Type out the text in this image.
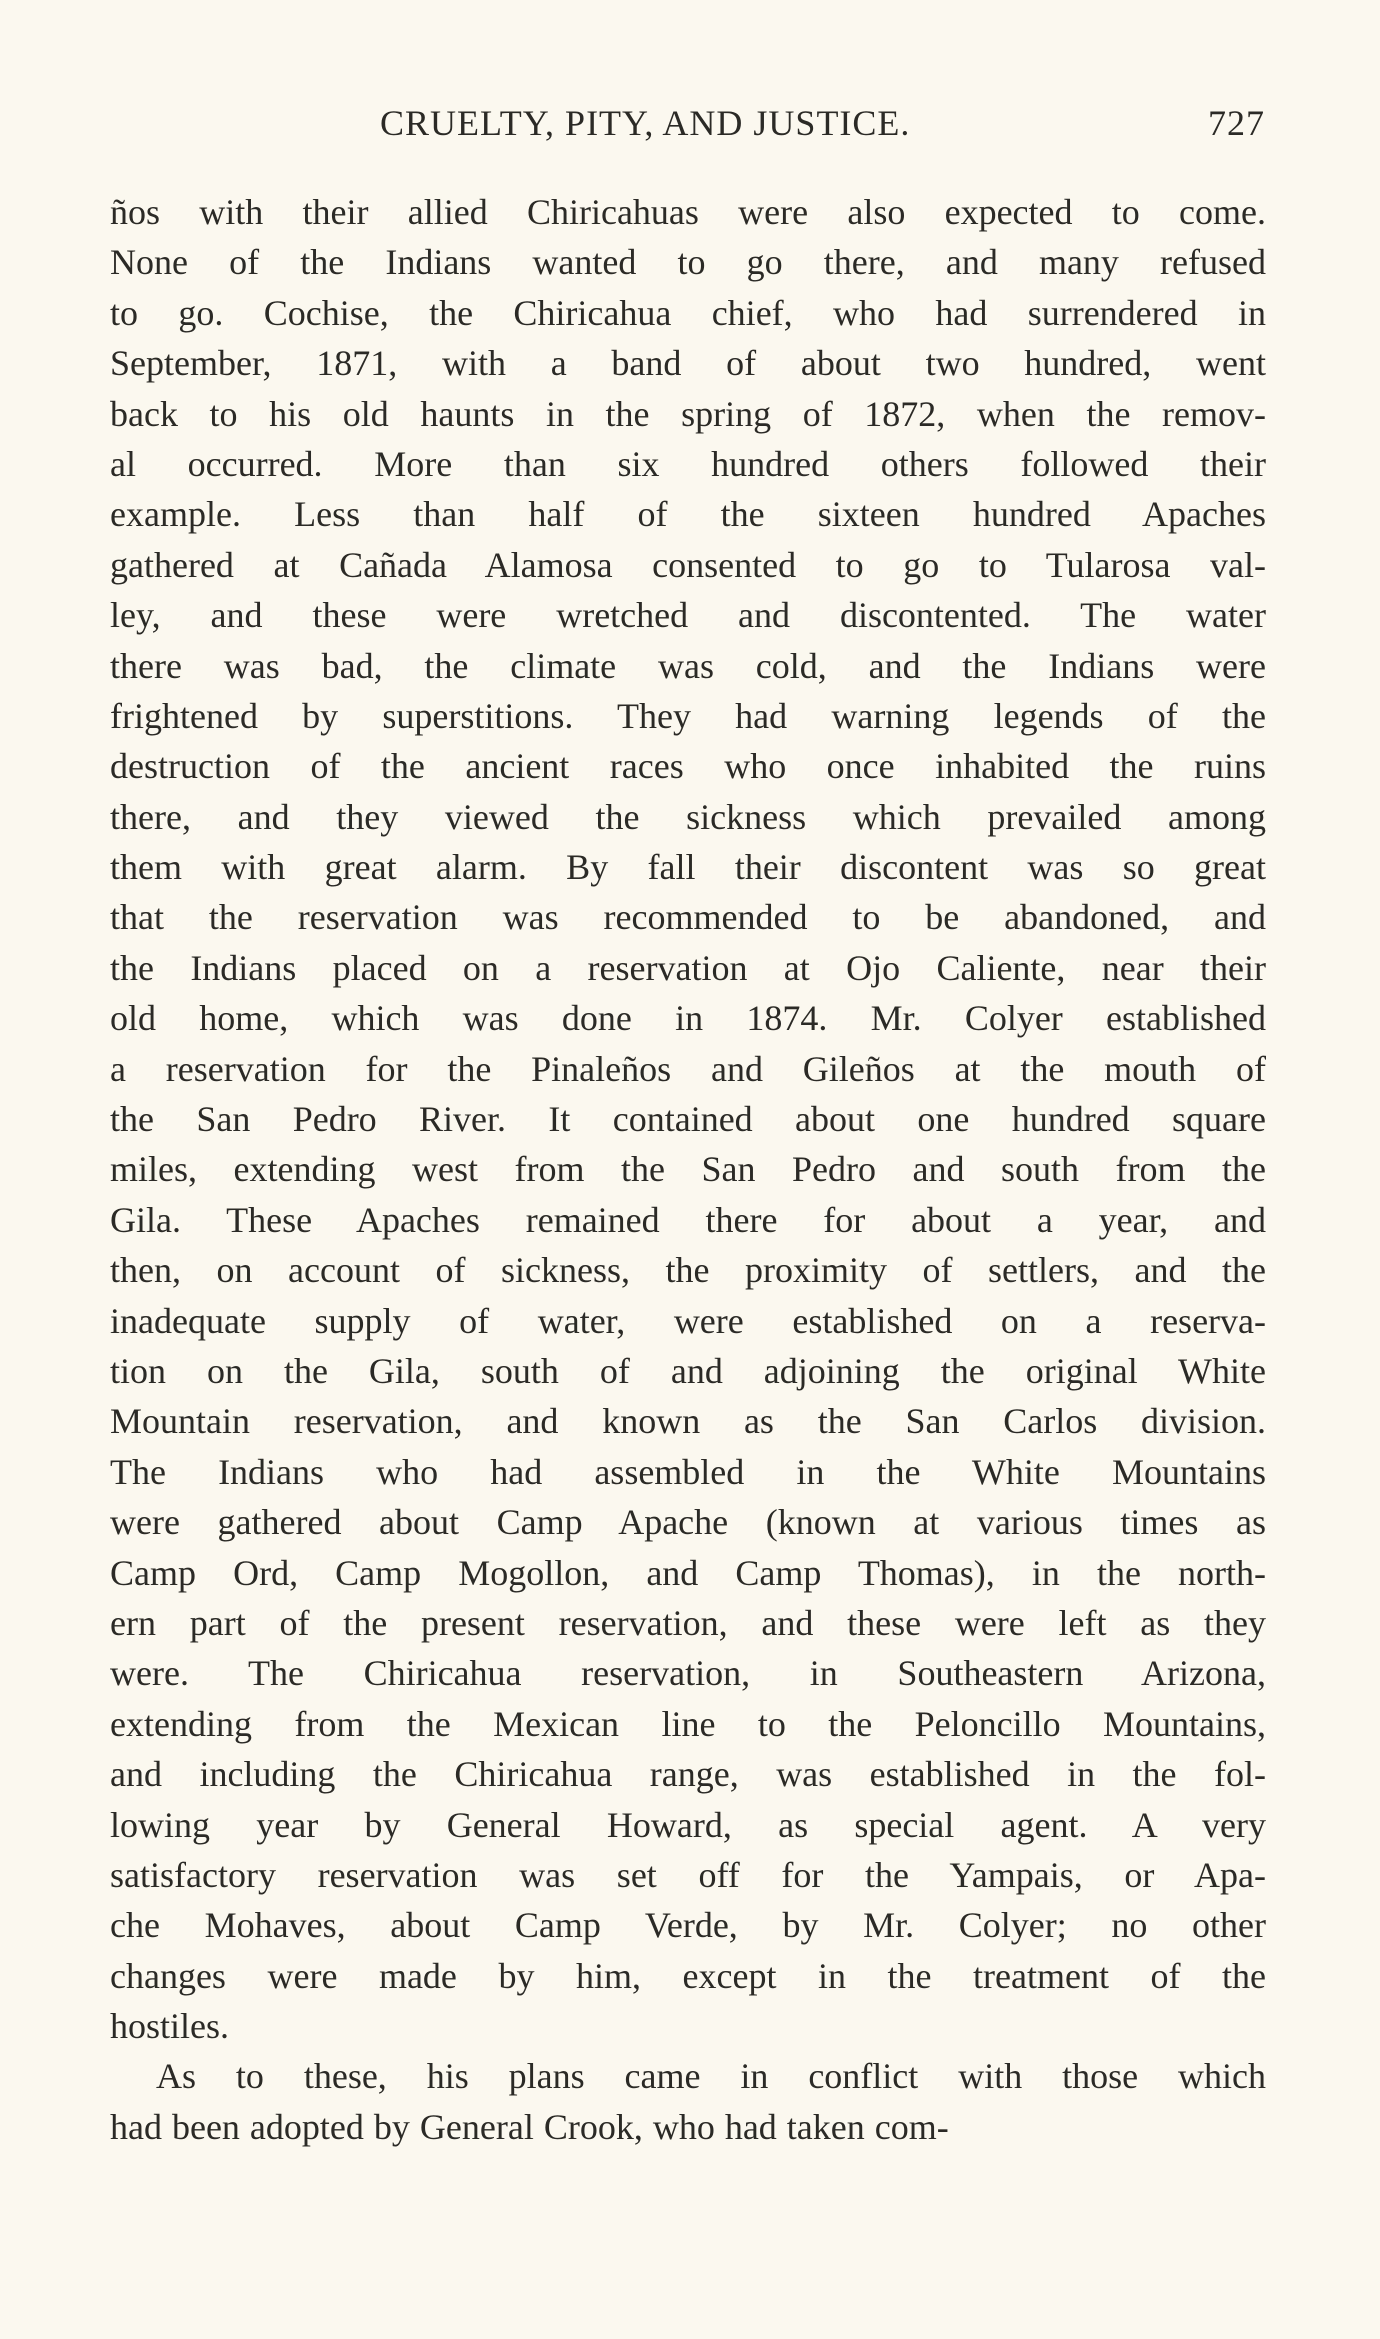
CRUELTY, PITY, AND JUSTICE.	727
ños with their allied Chiricahuas were also expected to come.
None of the Indians wanted to go there, and many refused
to go. Cochise, the Chiricahua chief, who had surrendered in
September, 1871, with a band of about two hundred, went
back to his old haunts in the spring of 1872, when the remov-
al occurred. More than six hundred others followed their
example. Less than half of the sixteen hundred Apaches
gathered at Cañada Alamosa consented to go to Tularosa val-
ley, and these were wretched and discontented. The water
there was bad, the climate was cold, and the Indians were
frightened by superstitions. They had warning legends of the
destruction of the ancient races who once inhabited the ruins
there, and they viewed the sickness which prevailed among
them with great alarm. By fall their discontent was so great
that the reservation was recommended to be abandoned, and
the Indians placed on a reservation at Ojo Caliente, near their
old home, which was done in 1874. Mr. Colyer established
a reservation for the Pinaleños and Gileños at the mouth of
the San Pedro River. It contained about one hundred square
miles, extending west from the San Pedro and south from the
Gila. These Apaches remained there for about a year, and
then, on account of sickness, the proximity of settlers, and the
inadequate supply of water, were established on a reserva-
tion on the Gila, south of and adjoining the original White
Mountain reservation, and known as the San Carlos division.
The Indians who had assembled in the White Mountains
were gathered about Camp Apache (known at various times as
Camp Ord, Camp Mogollon, and Camp Thomas), in the north-
ern part of the present reservation, and these were left as they
were. The Chiricahua reservation, in Southeastern Arizona,
extending from the Mexican line to the Peloncillo Mountains,
and including the Chiricahua range, was established in the fol-
lowing year by General Howard, as special agent. A very
satisfactory reservation was set off for the Yampais, or Apa-
che Mohaves, about Camp Verde, by Mr. Colyer; no other
changes were made by him, except in the treatment of the
hostiles.
As to these, his plans came in conflict with those which
had been adopted by General Crook, who had taken com-
